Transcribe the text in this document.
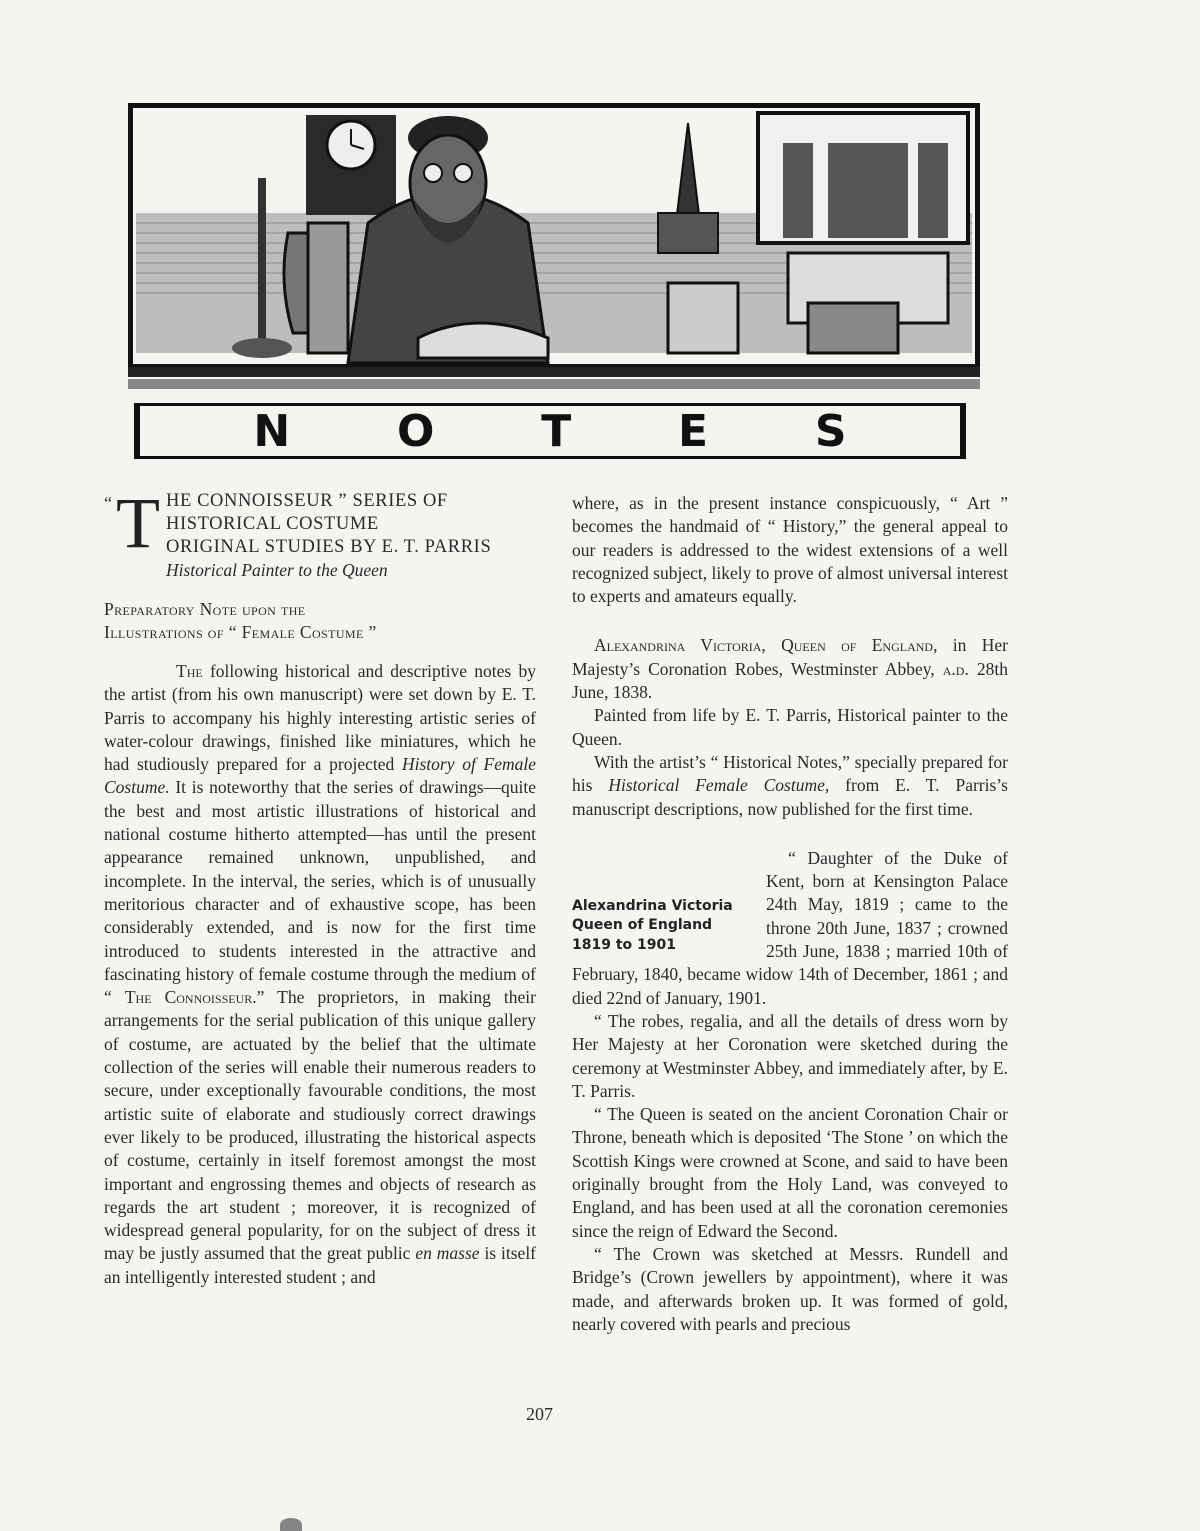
N O T E S
“ T HE CONNOISSEUR ” SERIES OF
HISTORICAL COSTUME
ORIGINAL STUDIES BY E. T. PARRIS
Historical Painter to the Queen
Preparatory Note upon the
Illustrations of “ Female Costume ”

The following historical and descriptive notes by the artist (from his own manuscript) were set down by E. T. Parris to accompany his highly interesting artistic series of water-colour drawings, finished like miniatures, which he had studiously prepared for a projected History of Female Costume. It is noteworthy that the series of drawings—quite the best and most artistic illustrations of historical and national costume hitherto attempted—has until the present appearance remained unknown, unpublished, and incomplete. In the interval, the series, which is of unusually meritorious character and of exhaustive scope, has been considerably extended, and is now for the first time introduced to students interested in the attractive and fascinating history of female costume through the medium of “ The Connoisseur.” The proprietors, in making their arrangements for the serial publication of this unique gallery of costume, are actuated by the belief that the ultimate collection of the series will enable their numerous readers to secure, under exceptionally favourable conditions, the most artistic suite of elaborate and studiously correct drawings ever likely to be produced, illustrating the historical aspects of costume, certainly in itself foremost amongst the most important and engrossing themes and objects of research as regards the art student ; moreover, it is recognized of widespread general popularity, for on the subject of dress it may be justly assumed that the great public en masse is itself an intelligently interested student ; and

where, as in the present instance conspicuously, “ Art ” becomes the handmaid of “ History,” the general appeal to our readers is addressed to the widest extensions of a well recognized subject, likely to prove of almost universal interest to experts and amateurs equally.

Alexandrina Victoria, Queen of England, in Her Majesty’s Coronation Robes, Westminster Abbey, a.d. 28th June, 1838.

Painted from life by E. T. Parris, Historical painter to the Queen.

With the artist’s “ Historical Notes,” specially prepared for his Historical Female Costume, from E. T. Parris’s manuscript descriptions, now published for the first time.

Alexandrina Victoria
Queen of England
1819 to 1901

“ Daughter of the Duke of Kent, born at Kensington Palace 24th May, 1819 ; came to the throne 20th June, 1837 ; crowned 25th June, 1838 ; married 10th of February, 1840, became widow 14th of December, 1861 ; and died 22nd of January, 1901.

“ The robes, regalia, and all the details of dress worn by Her Majesty at her Coronation were sketched during the ceremony at Westminster Abbey, and immediately after, by E. T. Parris.

“ The Queen is seated on the ancient Coronation Chair or Throne, beneath which is deposited ‘The Stone ’ on which the Scottish Kings were crowned at Scone, and said to have been originally brought from the Holy Land, was conveyed to England, and has been used at all the coronation ceremonies since the reign of Edward the Second.

“ The Crown was sketched at Messrs. Rundell and Bridge’s (Crown jewellers by appointment), where it was made, and afterwards broken up. It was formed of gold, nearly covered with pearls and precious

207
